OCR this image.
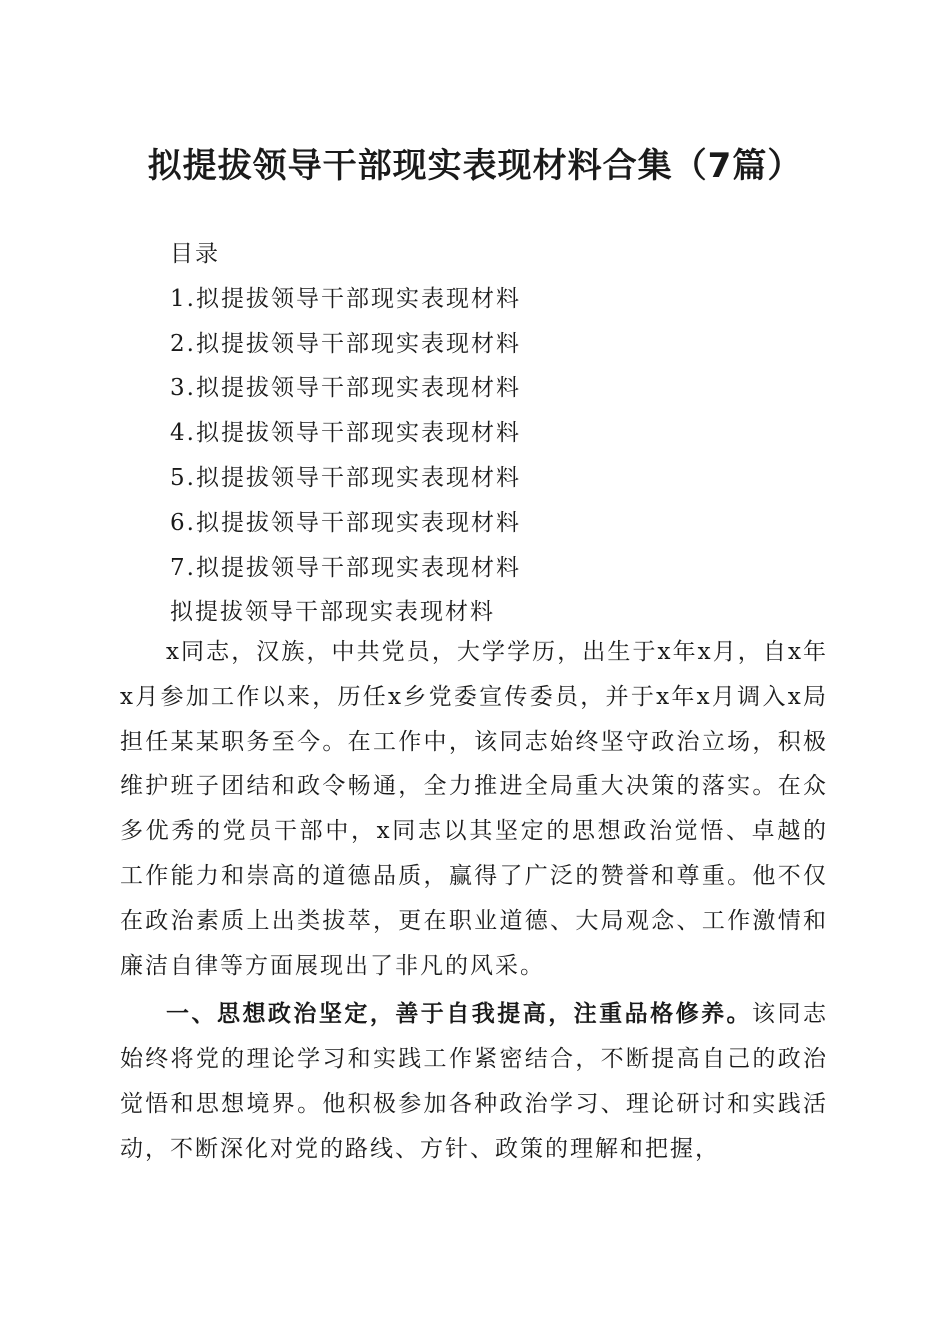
拟提拔领导干部现实表现材料合集（7篇）
目录
1.拟提拔领导干部现实表现材料
2.拟提拔领导干部现实表现材料
3.拟提拔领导干部现实表现材料
4.拟提拔领导干部现实表现材料
5.拟提拔领导干部现实表现材料
6.拟提拔领导干部现实表现材料
7.拟提拔领导干部现实表现材料
拟提拔领导干部现实表现材料

x同志，汉族，中共党员，大学学历，出生于x年x月，自x年x月参加工作以来，历任x乡党委宣传委员，并于x年x月调入x局担任某某职务至今。在工作中，该同志始终坚守政治立场，积极维护班子团结和政令畅通，全力推进全局重大决策的落实。在众多优秀的党员干部中，x同志以其坚定的思想政治觉悟、卓越的工作能力和崇高的道德品质，赢得了广泛的赞誉和尊重。他不仅在政治素质上出类拔萃，更在职业道德、大局观念、工作激情和廉洁自律等方面展现出了非凡的风采。

一、思想政治坚定，善于自我提高，注重品格修养。该同志始终将党的理论学习和实践工作紧密结合，不断提高自己的政治觉悟和思想境界。他积极参加各种政治学习、理论研讨和实践活动，不断深化对党的路线、方针、政策的理解和把握，
